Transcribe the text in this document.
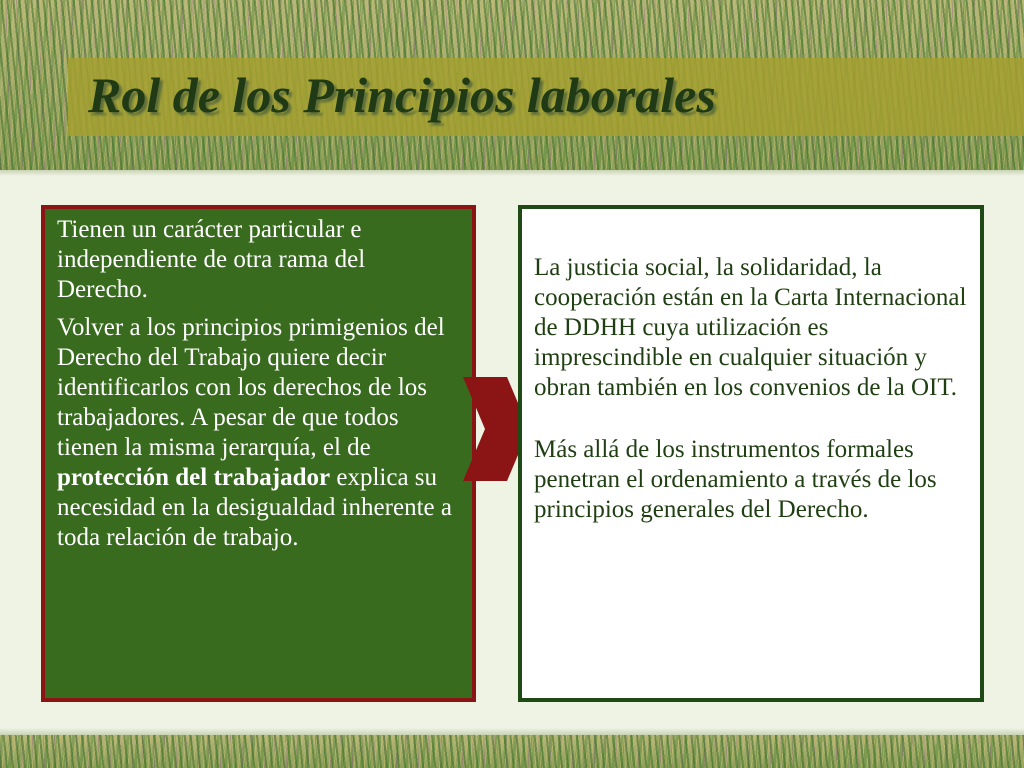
Rol de los Principios laborales

Tienen un carácter particular e independiente de otra rama del Derecho.

Volver a los principios primigenios del Derecho del Trabajo quiere decir identificarlos con los derechos de los trabajadores. A pesar de que todos tienen la misma jerarquía, el de protección del trabajador explica su necesidad en la desigualdad inherente a toda relación de trabajo.

La justicia social, la solidaridad, la cooperación están en la Carta Internacional de DDHH cuya utilización es imprescindible en cualquier situación y obran también en los convenios de la OIT.

Más allá de los instrumentos formales penetran el ordenamiento a través de los principios generales del Derecho.
